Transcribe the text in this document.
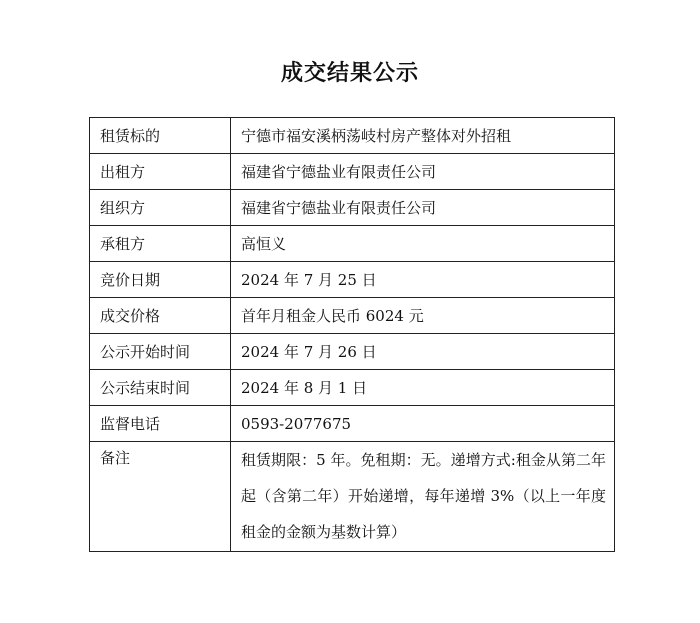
成交结果公示
租赁标的	宁德市福安溪柄荡岐村房产整体对外招租
出租方	福建省宁德盐业有限责任公司
组织方	福建省宁德盐业有限责任公司
承租方	高恒义
竞价日期	2024 年 7 月 25 日
成交价格	首年月租金人民币 6024 元
公示开始时间	2024 年 7 月 26 日
公示结束时间	2024 年 8 月 1 日
监督电话	0593-2077675
备注	租赁期限：5 年。免租期：无。递增方式:租金从第二年起（含第二年）开始递增，每年递增 3%（以上一年度租金的金额为基数计算）
